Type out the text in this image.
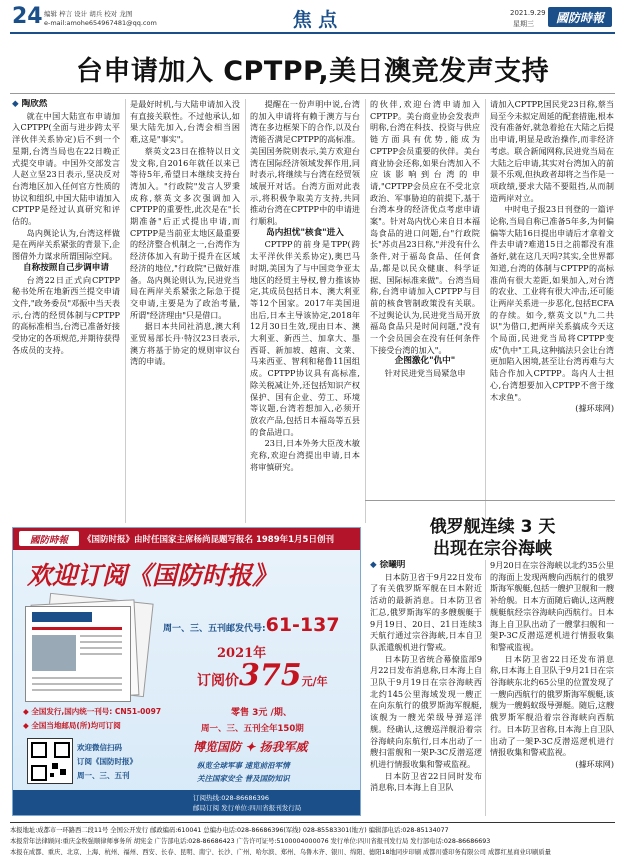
24 编辑 梓言 设计 胡兵 校对 龙图
e-mail:amohe654967481@qq.com	焦 点	2021.9.29
星期三	國防時報
台申请加入 CPTPP,美日澳竞发声支持

◆ 陶欣然

就在中国大陆宣布申请加入CPTPP(全面与进步跨太平洋伙伴关系协定)后不到一个星期,台湾当局也在22日晚正式提交申请。中国外交部发言人赵立坚23日表示,坚决反对台湾地区加入任何官方性质的协议和组织,中国大陆申请加入CPTPP是经过认真研究和评估的。

岛内舆论认为,台湾这样做是在两岸关系紧张的背景下,企图借外力谋求所谓国际空间。

自称按照自己步调申请

台湾22日正式向CPTPP秘书处所在地新西兰提交申请文件,"政务委员"邓振中当天表示,台湾的经贸体制与CPTPP的高标准相当,台湾已准备好接受协定的各项规范,并期待获得各成员的支持。

是最好时机,与大陆申请加入没有直接关联性。不过他承认,如果大陆先加入,台湾会相当困难,这是"事实"。

蔡英文23日在推特以日文发文称,自2016年就任以来已等待5年,希望日本继续支持台湾加入。"行政院"发言人罗秉成称,蔡英文多次强调加入CPTPP的重要性,此次是在"长期准备"后正式提出申请,而CPTPP是当前亚太地区最重要的经济整合机制之一,台湾作为经济体加入有助于提升在区域经济的地位,"行政院"已做好准备。岛内舆论则认为,民进党当局在两岸关系紧张之际急于提交申请,主要是为了政治考量,所谓"经济理由"只是借口。

据日本共同社消息,澳大利亚贸易部长丹·特汉23日表示,澳方将基于协定的规则审议台湾的申请。

提醒在一份声明中说,台湾的加入申请将有赖于澳方与台湾在多边框架下的合作,以及台湾能否满足CPTPP的高标准。美国国务院则表示,美方欢迎台湾在国际经济领域发挥作用,同时表示,将继续与台湾在经贸领域展开对话。台湾方面对此表示,将积极争取美方支持,共同推动台湾在CPTPP中的申请进行顺利。

岛内担忧"核食"进入

CPTPP的前身是TPP(跨太平洋伙伴关系协定),奥巴马时期,美国为了与中国竞争亚太地区的经贸主导权,曾力推该协定,其成员包括日本、澳大利亚等12个国家。2017年美国退出后,日本主导该协定,2018年12月30日生效,现由日本、澳大利亚、新西兰、加拿大、墨西哥、新加坡、越南、文莱、马来西亚、智利和秘鲁11国组成。CPTPP协议具有高标准,除关税减让外,还包括知识产权保护、国有企业、劳工、环境等议题,台湾若想加入,必须开放农产品,包括日本福岛等五县的食品进口。

23日,日本外务大臣茂木敏充称,欢迎台湾提出申请,日本将审慎研究。

的伙伴,欢迎台湾申请加入CPTPP。美台商业协会发表声明称,台湾在科技、投资与供应链方面具有优势,能成为CPTPP会员重要的伙伴。美台商业协会还称,如果台湾加入不应该影响到台湾的申请,"CPTPP会员应在不受北京政治、军事胁迫的前提下,基于台湾本身的经济优点考虑申请案"。针对岛内忧心来自日本福岛食品的进口问题,台"行政院长"苏贞昌23日称,"并没有什么条件,对于福岛食品、任何食品,都是以民众健康、科学证据、国际标准来做"。台湾当局称,台湾申请加入CPTPP与目前的核食管制政策没有关联。不过舆论认为,民进党当局开放福岛食品只是时间问题,"没有一个会员国会在没有任何条件下接受台湾的加入"。

企图激化"仇中"

针对民进党当局紧急申

请加入CPTPP,国民党23日称,蔡当局至今未拟定周延的配套措施,根本没有准备好,就急着抢在大陆之后提出申请,明显是政治操作,而非经济考虑。联合新闻网称,民进党当局在大陆之后申请,其实对台湾加入的前景不乐观,但执政者却将之当作是一项政绩,要求大陆不要阻挡,从而制造两岸对立。

中时电子报23日刊登的一篇评论称,当局自称已准备5年多,为何偏偏等大陆16日提出申请后才拿着文件去申请?难道15日之前都没有准备好,就在这几天吗?其实,全世界都知道,台湾的体制与CPTPP的高标准尚有很大差距,如果加入,对台湾的农业、工业将有很大冲击,还可能让两岸关系进一步恶化,包括ECFA的存续。如今,蔡英文以"九二共识"为借口,把两岸关系搞成今天这个局面,民进党当局将CPTPP变成"仇中"工具,这种搞法只会让台湾更加陷入困境,甚至让台湾再难与大陆合作加入CPTPP。岛内人士担心,台湾想要加入CPTPP不啻于缘木求鱼"。

(據环球网)

國防時報	《国防时报》由时任国家主席杨尚昆题写报名 1989年1月5日创刊
欢迎订阅《国防时报》
周一、三、五刊邮发代号:61-137
2021年
订阅价375元/年
零售 3元 /期、
周一、三、五刊全年150期
◆ 全国发行,国内统一刊号: CN51-0097
◆ 全国当地邮局(所)均可订阅
欢迎微信扫码
订阅《国防时报》
周一、三、五刊
博览国防 ✦ 扬我军威
纵览全球军事 速览前沿军情
关注国家安全 普及国防知识
订阅热线:028-86686396
邮局订阅 发行单位:四川省报刊发行局
俄罗舰连续 3 天
出现在宗谷海峡

◆ 徐曦明

日本防卫省于9月22日发布了有关俄罗斯军舰在日本附近活动的最新消息。日本防卫省汇总,俄罗斯海军的多艘舰艇于9月19日、20日、21日连续3天航行通过宗谷海峡,日本自卫队派遣舰机进行警戒。

日本防卫省统合幕僚监部9月22日发布消息称,日本海上自卫队于9月19日在宗谷海峡西北约145公里海域发现一艘正在向东航行的俄罗斯海军舰艇,该舰为一艘光荣级导弹巡洋舰。经确认,这艘巡洋舰沿着宗谷海峡向东航行,日本出动了一艘扫雷舰和一架P-3C反潜巡逻机进行情报收集和警戒监视。

日本防卫省22日同时发布消息称,日本海上自卫队

9月20日在宗谷海峡以北约35公里的海面上发现两艘向西航行的俄罗斯海军舰艇,包括一艘护卫舰和一艘补给舰。日本方面随后确认,这两艘舰艇航经宗谷海峡向西航行。日本海上自卫队出动了一艘掌扫舰和一架P-3C反潜巡逻机进行情报收集和警戒监视。

日本防卫省22日还发布消息称,日本海上自卫队于9月21日在宗谷海峡东北约65公里的位置发现了一艘向西航行的俄罗斯海军舰艇,该舰为一艘蚂蚁级导弹艇。随后,这艘俄罗斯军舰沿着宗谷海峡向西航行。日本防卫省称,日本海上自卫队出动了一架P-3C反潜巡逻机进行情报收集和警戒监视。

(據环球网)

本报地址:成都市一环路西二段11号 全国公开发行 邮政编码:610041 总编办电话:028-86686396(军线) 028-85583301(地方) 编辑部电话:028-85134077
本报常年法律顾问:重庆金牧强顺律师事务所 胡宪金 广告部电话:028-86686423 广告许可证号:5100004000076 发行单位:四川省报刊发行局 发行部电话:028-86686693
本报在成都、重庆、北京、上海、杭州、福州、西安、长春、昆明、南宁、长沙、广州、哈尔滨、郑州、乌鲁木齐、银川、绵阳、德阳18地同步印刷 成都川盛印务有限公司 成都红星商业印刷质量
